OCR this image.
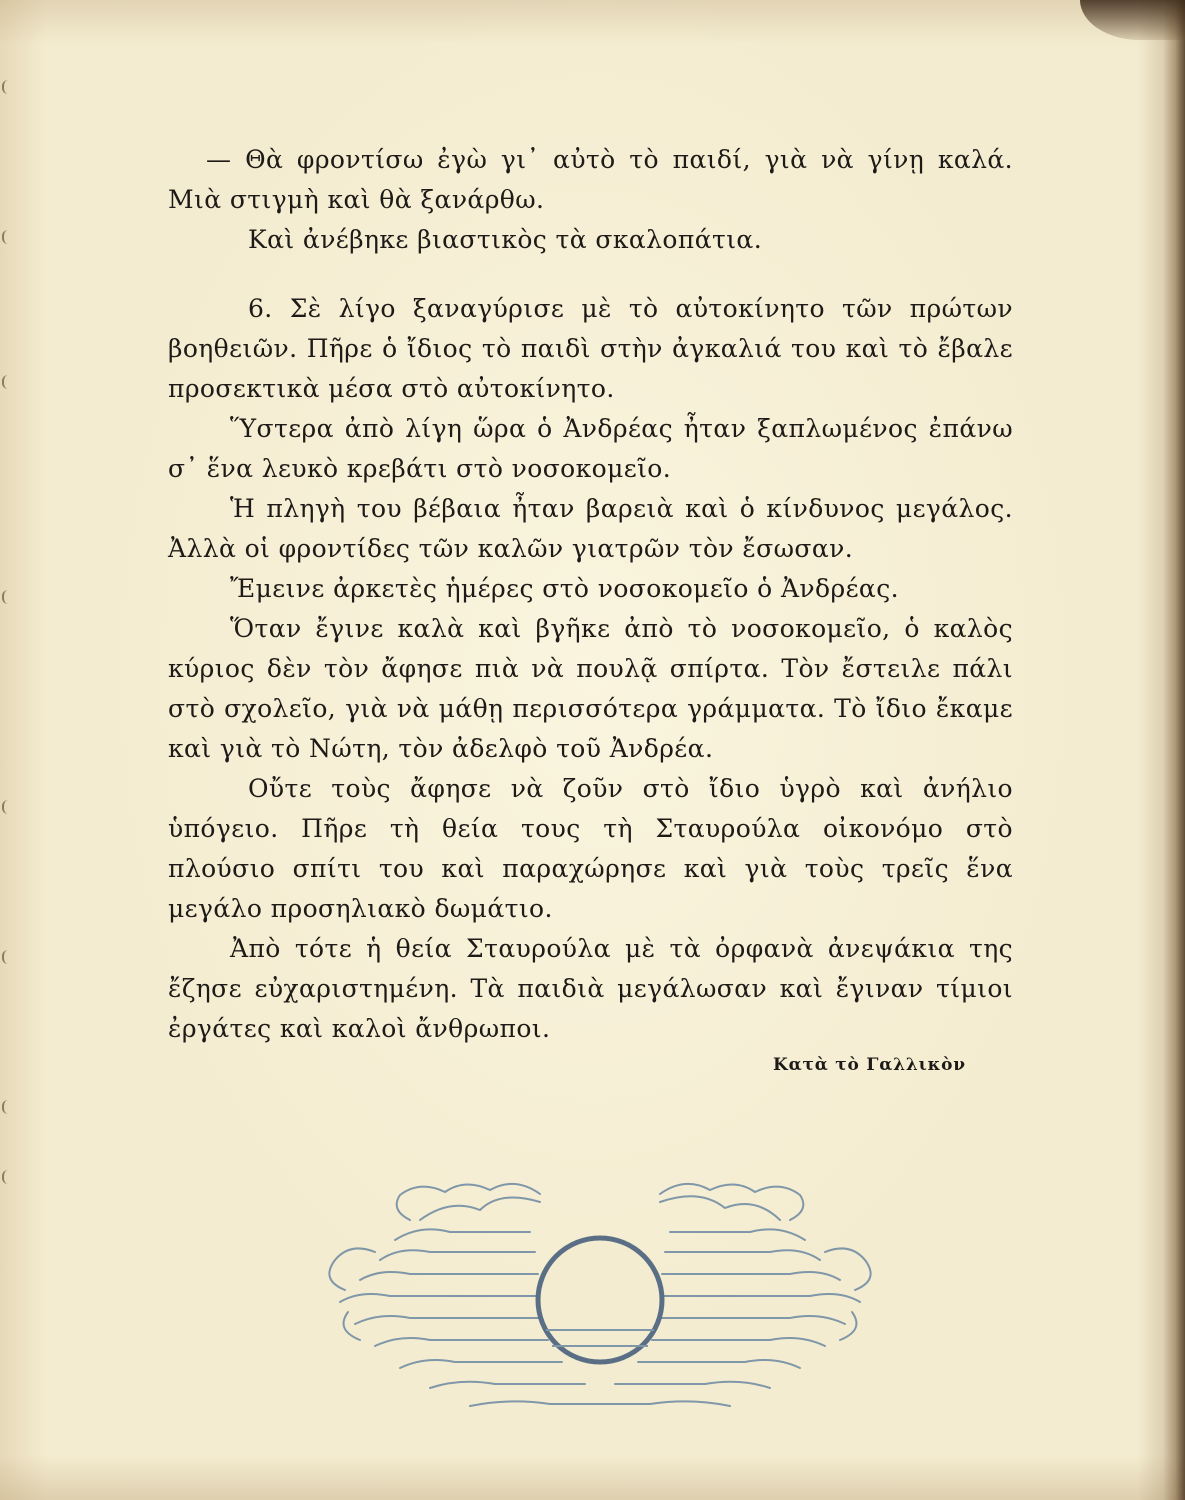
— Θὰ φροντίσω ἐγὼ γι᾽ αὐτὸ τὸ παιδί, γιὰ νὰ γίνῃ καλά. Μιὰ στιγμὴ καὶ θὰ ξανάρθω.

Καὶ ἀνέβηκε βιαστικὸς τὰ σκαλοπάτια.

6. Σὲ λίγο ξαναγύρισε μὲ τὸ αὐτοκίνητο τῶν πρώτων βοηθειῶν. Πῆρε ὁ ἴδιος τὸ παιδὶ στὴν ἀγκαλιά του καὶ τὸ ἔβαλε προσεκτικὰ μέσα στὸ αὐτοκίνητο.

Ὕστερα ἀπὸ λίγη ὥρα ὁ Ἀνδρέας ἦταν ξαπλωμένος ἐπάνω σ᾽ ἕνα λευκὸ κρεβάτι στὸ νοσοκομεῖο.

Ἡ πληγὴ του βέβαια ἦταν βαρειὰ καὶ ὁ κίνδυνος μεγάλος. Ἀλλὰ οἱ φροντίδες τῶν καλῶν γιατρῶν τὸν ἔσωσαν.

Ἔμεινε ἀρκετὲς ἡμέρες στὸ νοσοκομεῖο ὁ Ἀνδρέας.

Ὅταν ἔγινε καλὰ καὶ βγῆκε ἀπὸ τὸ νοσοκομεῖο, ὁ καλὸς κύριος δὲν τὸν ἄφησε πιὰ νὰ πουλᾷ σπίρτα. Τὸν ἔστειλε πάλι στὸ σχολεῖο, γιὰ νὰ μάθῃ περισσότερα γράμματα. Τὸ ἴδιο ἔκαμε καὶ γιὰ τὸ Νώτη, τὸν ἀδελφὸ τοῦ Ἀνδρέα.

Οὔτε τοὺς ἄφησε νὰ ζοῦν στὸ ἴδιο ὑγρὸ καὶ ἀνήλιο ὑπόγειο. Πῆρε τὴ θεία τους τὴ Σταυρούλα οἰκονόμο στὸ πλούσιο σπίτι του καὶ παραχώρησε καὶ γιὰ τοὺς τρεῖς ἕνα μεγάλο προσηλιακὸ δωμάτιο.

Ἀπὸ τότε ἡ θεία Σταυρούλα μὲ τὰ ὀρφανὰ ἀνεψάκια της ἔζησε εὐχαριστημένη. Τὰ παιδιὰ μεγάλωσαν καὶ ἔγιναν τίμιοι ἐργάτες καὶ καλοὶ ἄνθρωποι.

Κατὰ τὸ Γαλλικὸν
